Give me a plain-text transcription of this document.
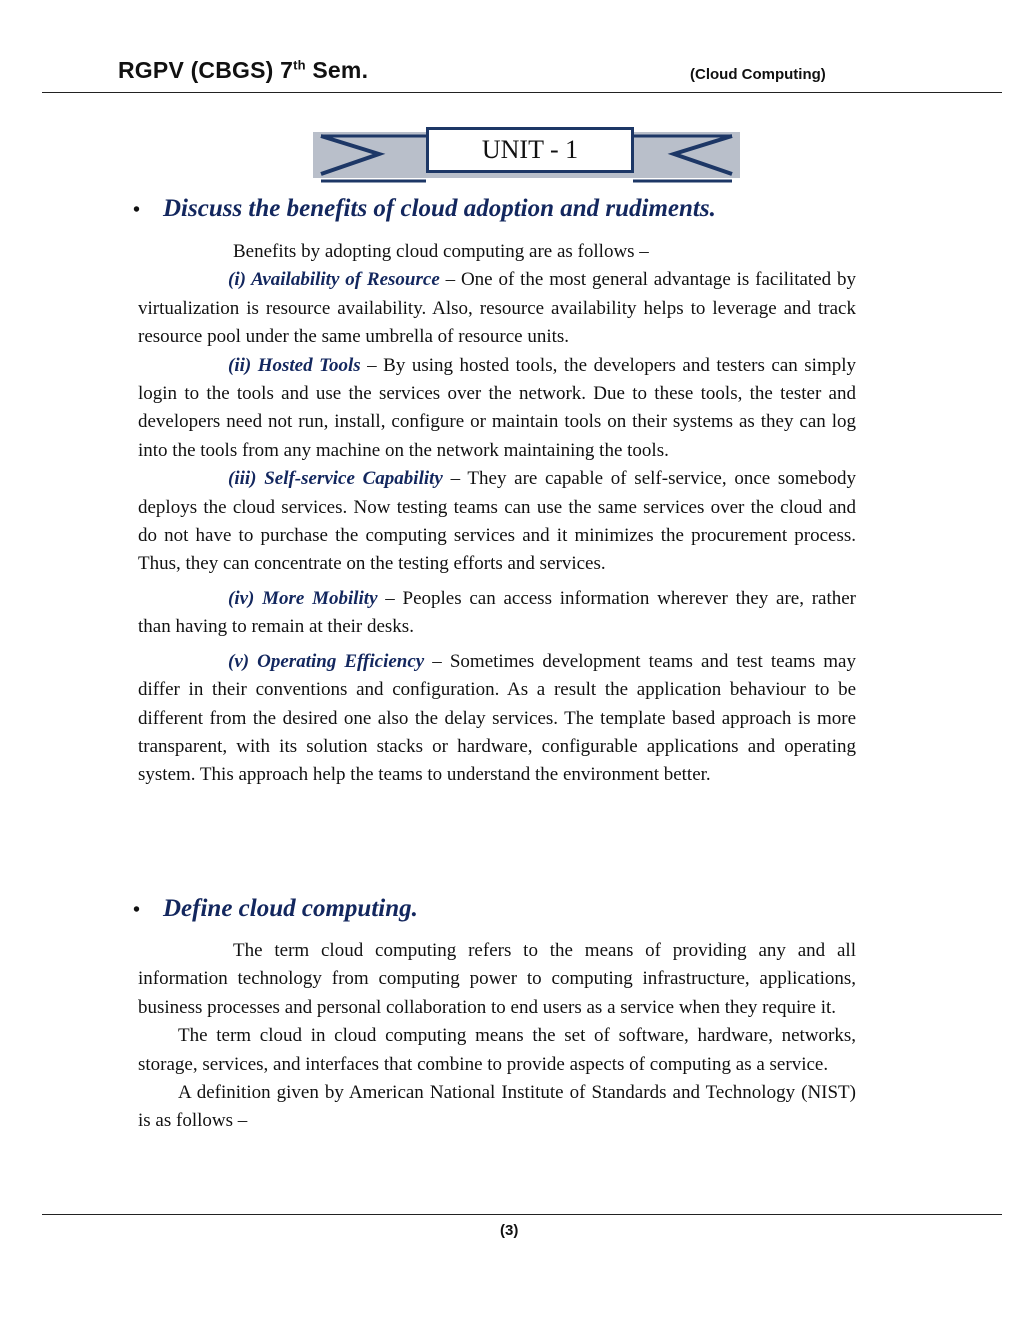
RGPV (CBGS) 7th Sem.	(Cloud Computing)
UNIT - 1
• Discuss the benefits of cloud adoption and rudiments.

Benefits by adopting cloud computing are as follows –

(i) Availability of Resource – One of the most general advantage is facilitated by virtualization is resource availability. Also, resource availability helps to leverage and track resource pool under the same umbrella of resource units.

(ii) Hosted Tools – By using hosted tools, the developers and testers can simply login to the tools and use the services over the network. Due to these tools, the tester and developers need not run, install, configure or maintain tools on their systems as they can log into the tools from any machine on the network maintaining the tools.

(iii) Self-service Capability – They are capable of self-service, once somebody deploys the cloud services. Now testing teams can use the same services over the cloud and do not have to purchase the computing services and it minimizes the procurement process. Thus, they can concentrate on the testing efforts and services.

(iv) More Mobility – Peoples can access information wherever they are, rather than having to remain at their desks.

(v) Operating Efficiency – Sometimes development teams and test teams may differ in their conventions and configuration. As a result the application behaviour to be different from the desired one also the delay services. The template based approach is more transparent, with its solution stacks or hardware, configurable applications and operating system. This approach help the teams to understand the environment better.

• Define cloud computing.

The term cloud computing refers to the means of providing any and all information technology from computing power to computing infrastructure, applications, business processes and personal collaboration to end users as a service when they require it.

The term cloud in cloud computing means the set of software, hardware, networks, storage, services, and interfaces that combine to provide aspects of computing as a service.

A definition given by American National Institute of Standards and Technology (NIST) is as follows –

(3)
